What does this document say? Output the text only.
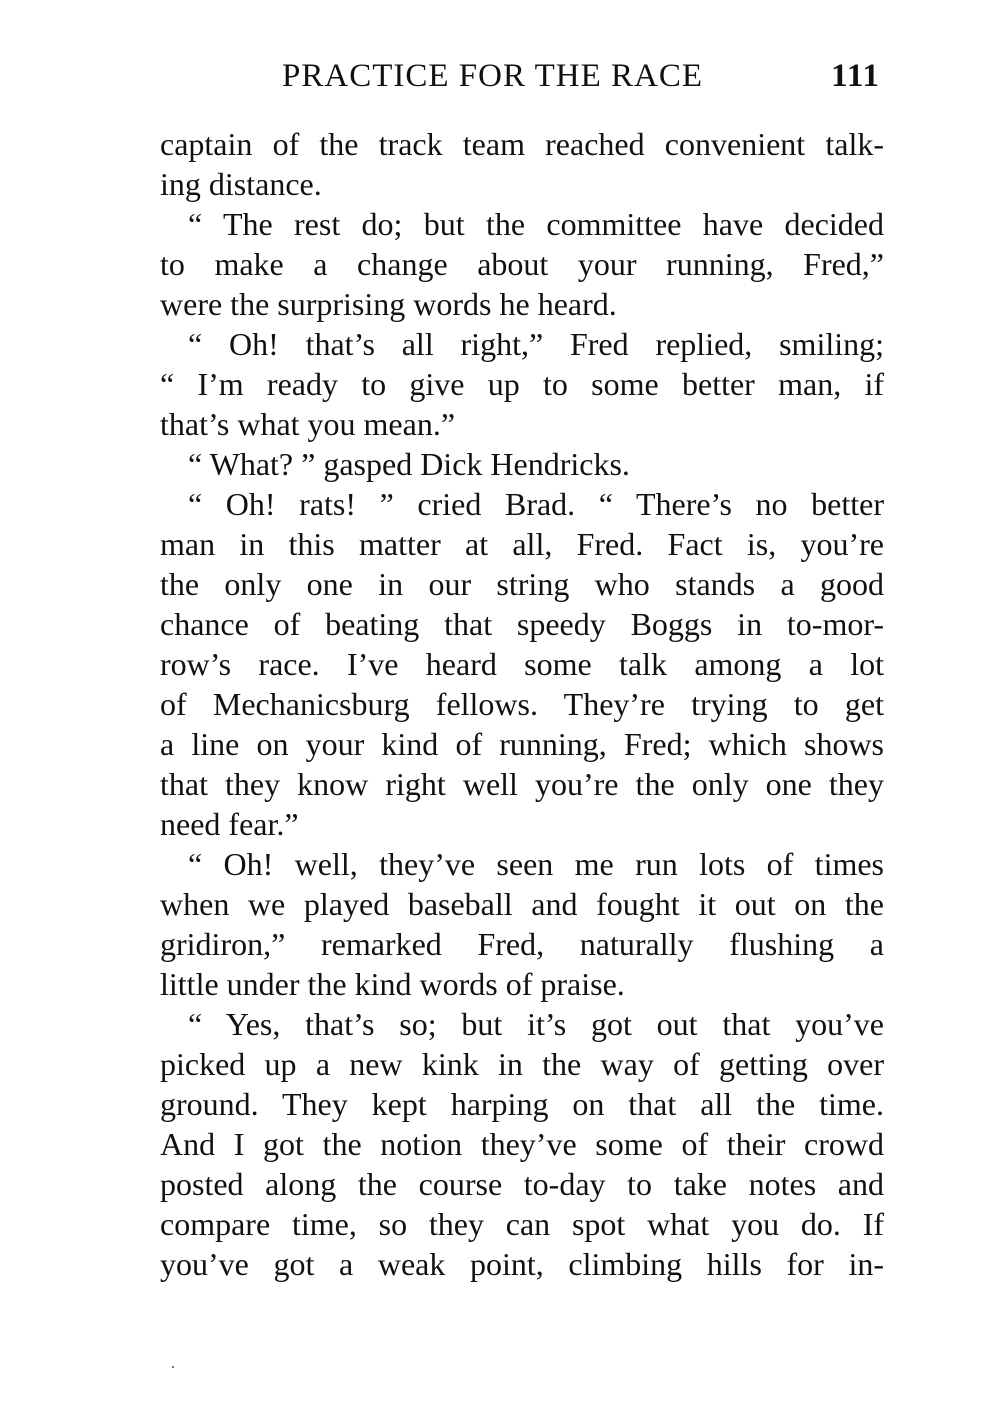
PRACTICE FOR THE RACE	111
captain of the track team reached convenient talk-
ing distance.
“ The rest do; but the committee have decided
to make a change about your running, Fred,”
were the surprising words he heard.
“ Oh! that’s all right,” Fred replied, smiling;
“ I’m ready to give up to some better man, if
that’s what you mean.”
“ What? ” gasped Dick Hendricks.
“ Oh! rats! ” cried Brad. “ There’s no better
man in this matter at all, Fred. Fact is, you’re
the only one in our string who stands a good
chance of beating that speedy Boggs in to-mor-
row’s race. I’ve heard some talk among a lot
of Mechanicsburg fellows. They’re trying to get
a line on your kind of running, Fred; which shows
that they know right well you’re the only one they
need fear.”
“ Oh! well, they’ve seen me run lots of times
when we played baseball and fought it out on the
gridiron,” remarked Fred, naturally flushing a
little under the kind words of praise.
“ Yes, that’s so; but it’s got out that you’ve
picked up a new kink in the way of getting over
ground. They kept harping on that all the time.
And I got the notion they’ve some of their crowd
posted along the course to-day to take notes and
compare time, so they can spot what you do. If
you’ve got a weak point, climbing hills for in-
